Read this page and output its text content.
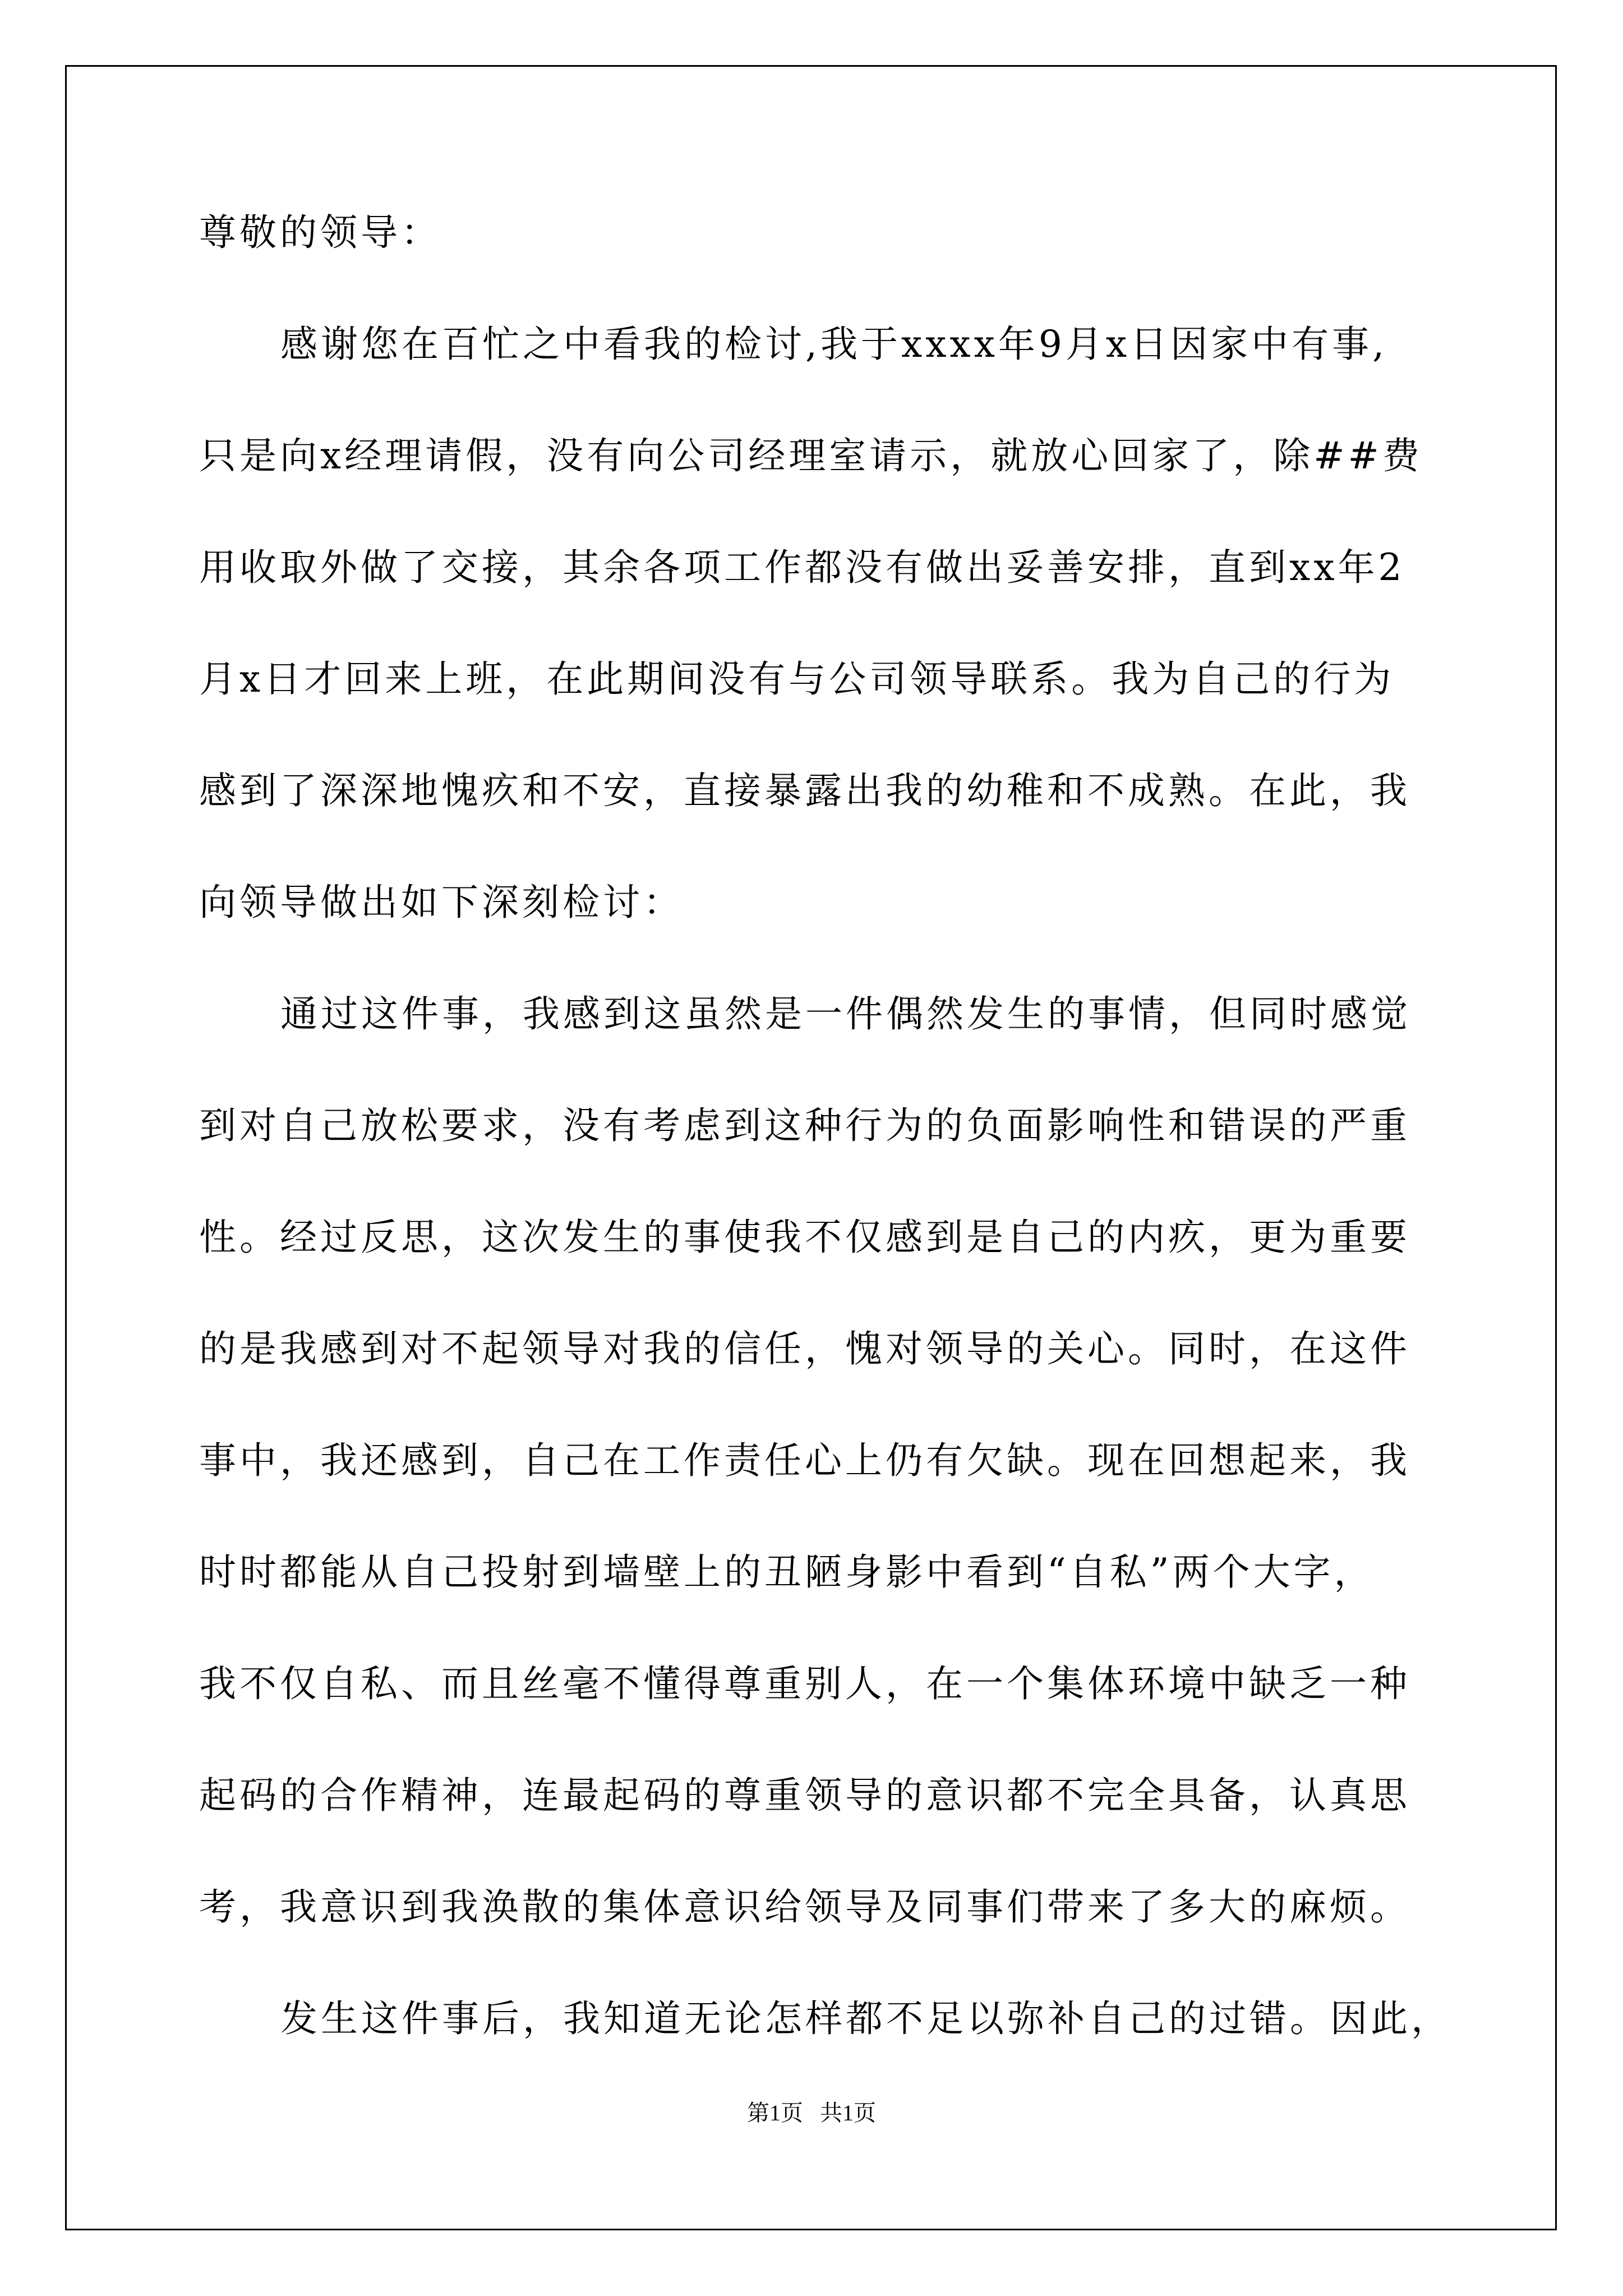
尊敬的领导：
感谢您在百忙之中看我的检讨,我于xxxx年9月x日因家中有事,
只是向x经理请假，没有向公司经理室请示，就放心回家了，除##费
用收取外做了交接，其余各项工作都没有做出妥善安排，直到xx年2
月x日才回来上班，在此期间没有与公司领导联系。我为自己的行为
感到了深深地愧疚和不安，直接暴露出我的幼稚和不成熟。在此，我
向领导做出如下深刻检讨：
通过这件事，我感到这虽然是一件偶然发生的事情，但同时感觉
到对自己放松要求，没有考虑到这种行为的负面影响性和错误的严重
性。经过反思，这次发生的事使我不仅感到是自己的内疚，更为重要
的是我感到对不起领导对我的信任，愧对领导的关心。同时，在这件
事中，我还感到，自己在工作责任心上仍有欠缺。现在回想起来，我
时时都能从自己投射到墙壁上的丑陋身影中看到“自私”两个大字，
我不仅自私、而且丝毫不懂得尊重别人，在一个集体环境中缺乏一种
起码的合作精神，连最起码的尊重领导的意识都不完全具备，认真思
考，我意识到我涣散的集体意识给领导及同事们带来了多大的麻烦。
发生这件事后，我知道无论怎样都不足以弥补自己的过错。因此，
第1页   共1页
